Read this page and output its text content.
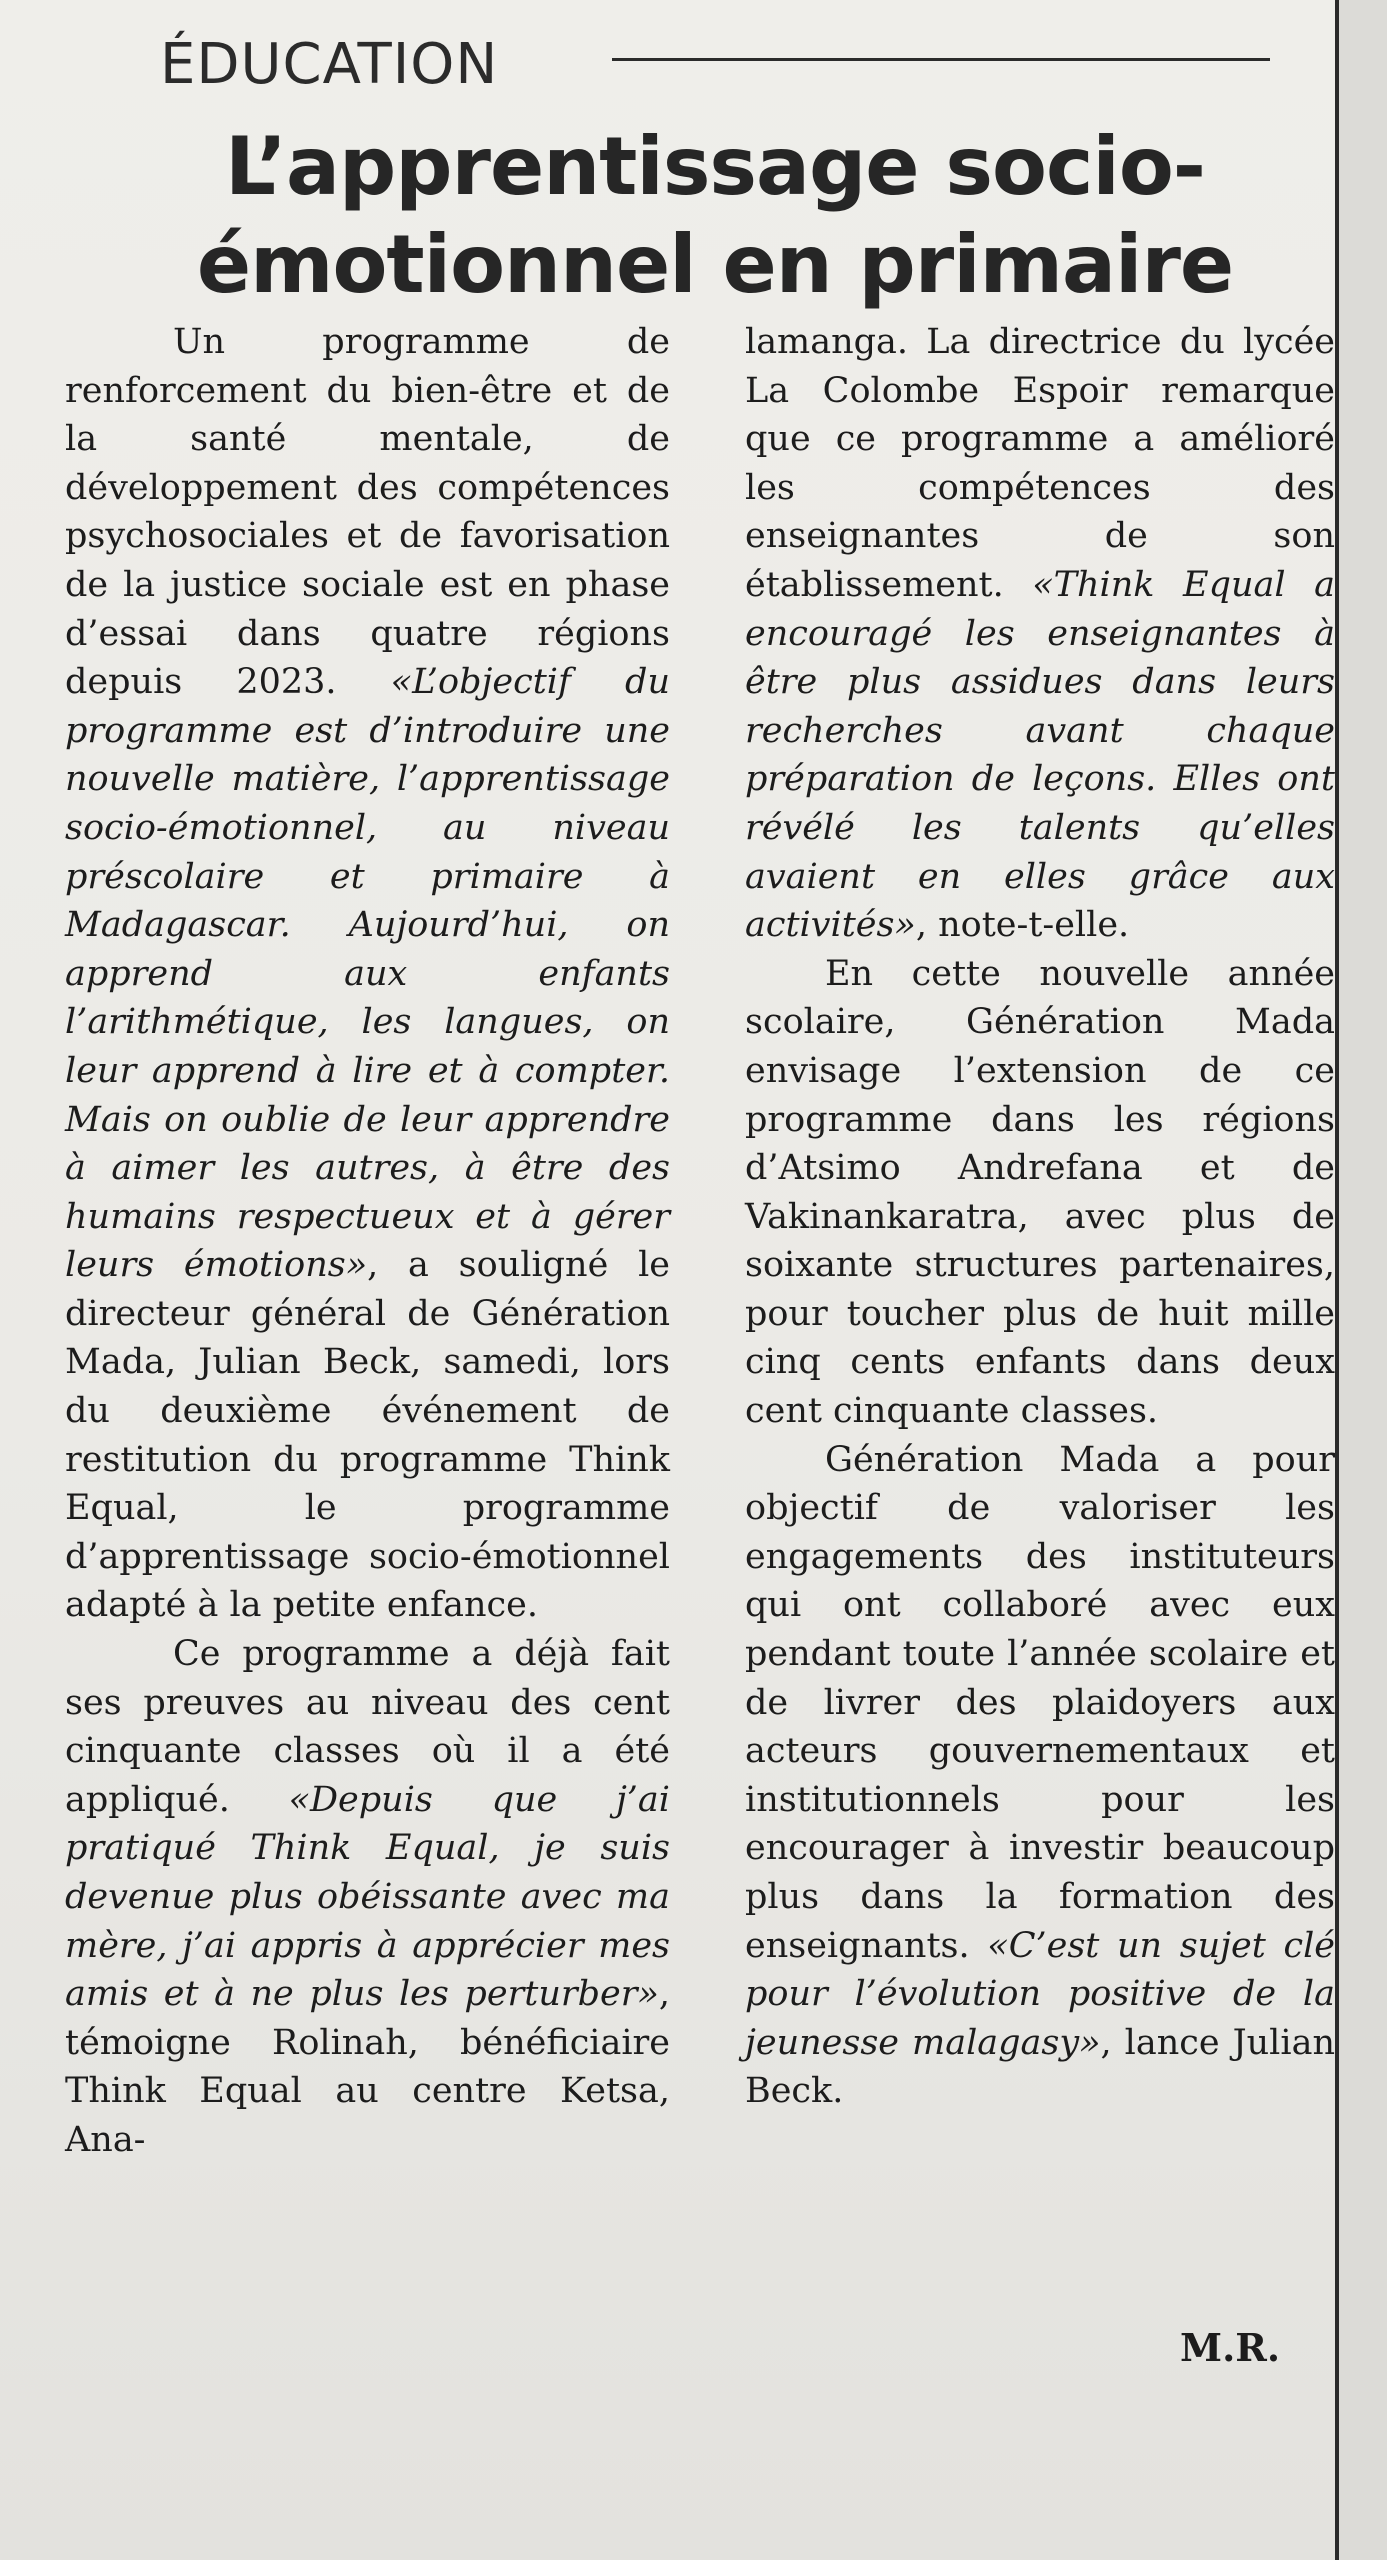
ÉDUCATION
L’apprentissage socio-émotionnel en primaire

Un programme de renforcement du bien-être et de la santé mentale, de développement des compétences psychosociales et de favorisation de la justice sociale est en phase d’essai dans quatre régions depuis 2023. «L’objectif du programme est d’introduire une nouvelle matière, l’apprentissage socio-émotionnel, au niveau préscolaire et primaire à Madagascar. Aujourd’hui, on apprend aux enfants l’arithmétique, les langues, on leur apprend à lire et à compter. Mais on oublie de leur apprendre à aimer les autres, à être des humains respectueux et à gérer leurs émotions», a souligné le directeur général de Génération Mada, Julian Beck, samedi, lors du deuxième événement de restitution du programme Think Equal, le programme d’apprentissage socio-émotionnel adapté à la petite enfance.

Ce programme a déjà fait ses preuves au niveau des cent cinquante classes où il a été appliqué. «Depuis que j’ai pratiqué Think Equal, je suis devenue plus obéissante avec ma mère, j’ai appris à apprécier mes amis et à ne plus les perturber», témoigne Rolinah, bénéficiaire Think Equal au centre Ketsa, Ana-

lamanga. La directrice du lycée La Colombe Espoir remarque que ce programme a amélioré les compétences des enseignantes de son établissement. «Think Equal a encouragé les enseignantes à être plus assidues dans leurs recherches avant chaque préparation de leçons. Elles ont révélé les talents qu’elles avaient en elles grâce aux activités», note-t-elle.

En cette nouvelle année scolaire, Génération Mada envisage l’extension de ce programme dans les régions d’Atsimo Andrefana et de Vakinankaratra, avec plus de soixante structures partenaires, pour toucher plus de huit mille cinq cents enfants dans deux cent cinquante classes.

Génération Mada a pour objectif de valoriser les engagements des instituteurs qui ont collaboré avec eux pendant toute l’année scolaire et de livrer des plaidoyers aux acteurs gouvernementaux et institutionnels pour les encourager à investir beaucoup plus dans la formation des enseignants. «C’est un sujet clé pour l’évolution positive de la jeunesse malagasy», lance Julian Beck.

M.R.
